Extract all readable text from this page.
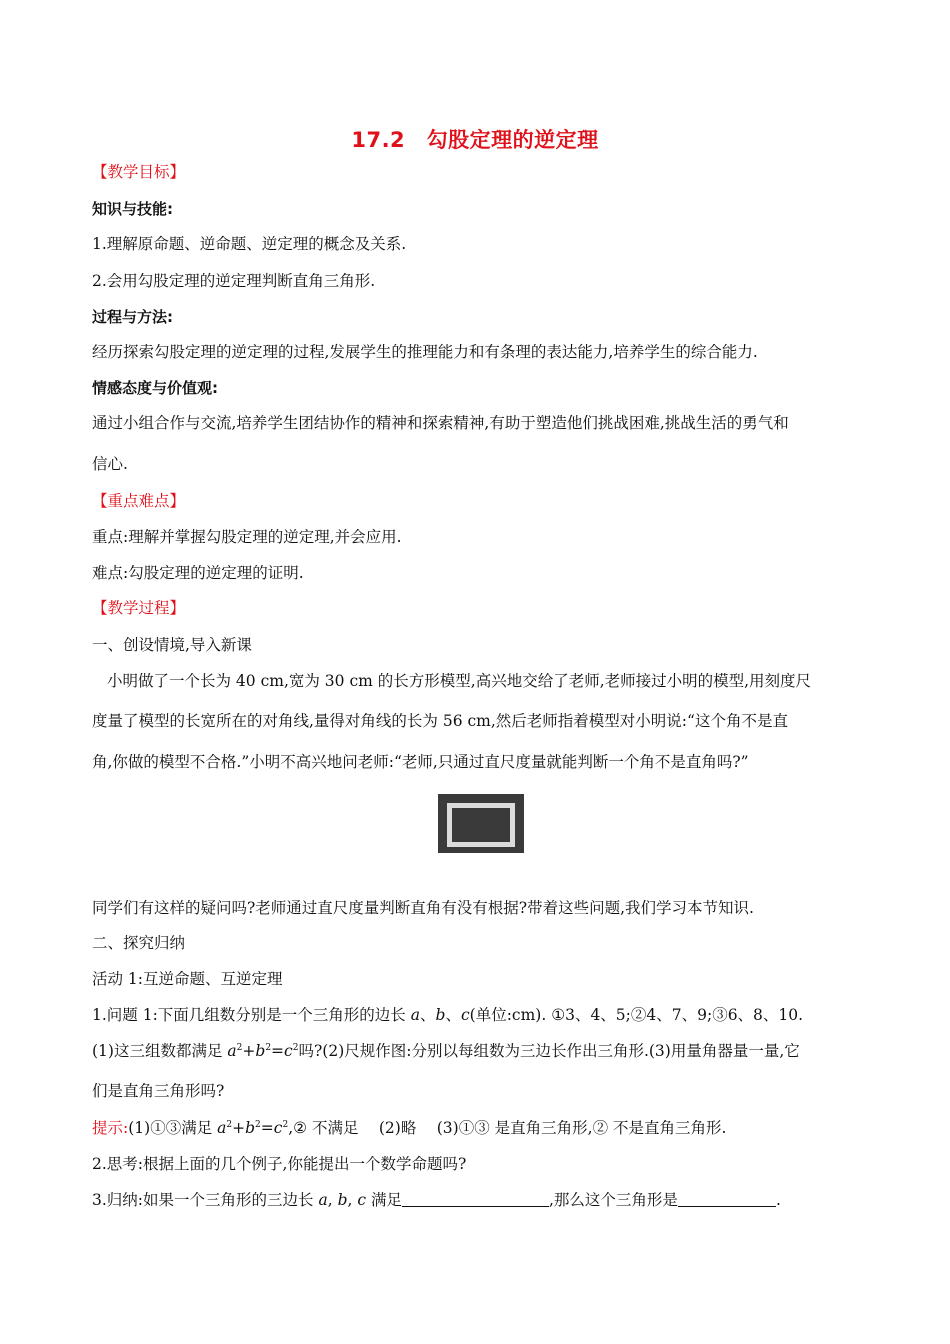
17.2　勾股定理的逆定理
【教学目标】
知识与技能:
1.理解原命题、逆命题、逆定理的概念及关系.
2.会用勾股定理的逆定理判断直角三角形.
过程与方法:
经历探索勾股定理的逆定理的过程,发展学生的推理能力和有条理的表达能力,培养学生的综合能力.
情感态度与价值观:
通过小组合作与交流,培养学生团结协作的精神和探索精神,有助于塑造他们挑战困难,挑战生活的勇气和
信心.
【重点难点】
重点:理解并掌握勾股定理的逆定理,并会应用.
难点:勾股定理的逆定理的证明.
【教学过程】
一、创设情境,导入新课
小明做了一个长为 40 cm,宽为 30 cm 的长方形模型,高兴地交给了老师,老师接过小明的模型,用刻度尺
度量了模型的长宽所在的对角线,量得对角线的长为 56 cm,然后老师指着模型对小明说:“这个角不是直
角,你做的模型不合格.”小明不高兴地问老师:“老师,只通过直尺度量就能判断一个角不是直角吗?”
同学们有这样的疑问吗?老师通过直尺度量判断直角有没有根据?带着这些问题,我们学习本节知识.
二、探究归纳
活动 1:互逆命题、互逆定理
1.问题 1:下面几组数分别是一个三角形的边长 a、b、c(单位:cm). ①3、4、5;②4、7、9;③6、8、10.
(1)这三组数都满足 $a^2+b^2=c^2$吗?(2)尺规作图:分别以每组数为三边长作出三角形.(3)用量角器量一量,它
们是直角三角形吗?
提示:(1)①③满足 $a^2+b^2=c^2,②$ 不满足　 (2)略　 (3)①③ 是直角三角形,② 不是直角三角形.
2.思考:根据上面的几个例子,你能提出一个数学命题吗?
3.归纳:如果一个三角形的三边长 a, b, c 满足	,那么这个三角形是	.
